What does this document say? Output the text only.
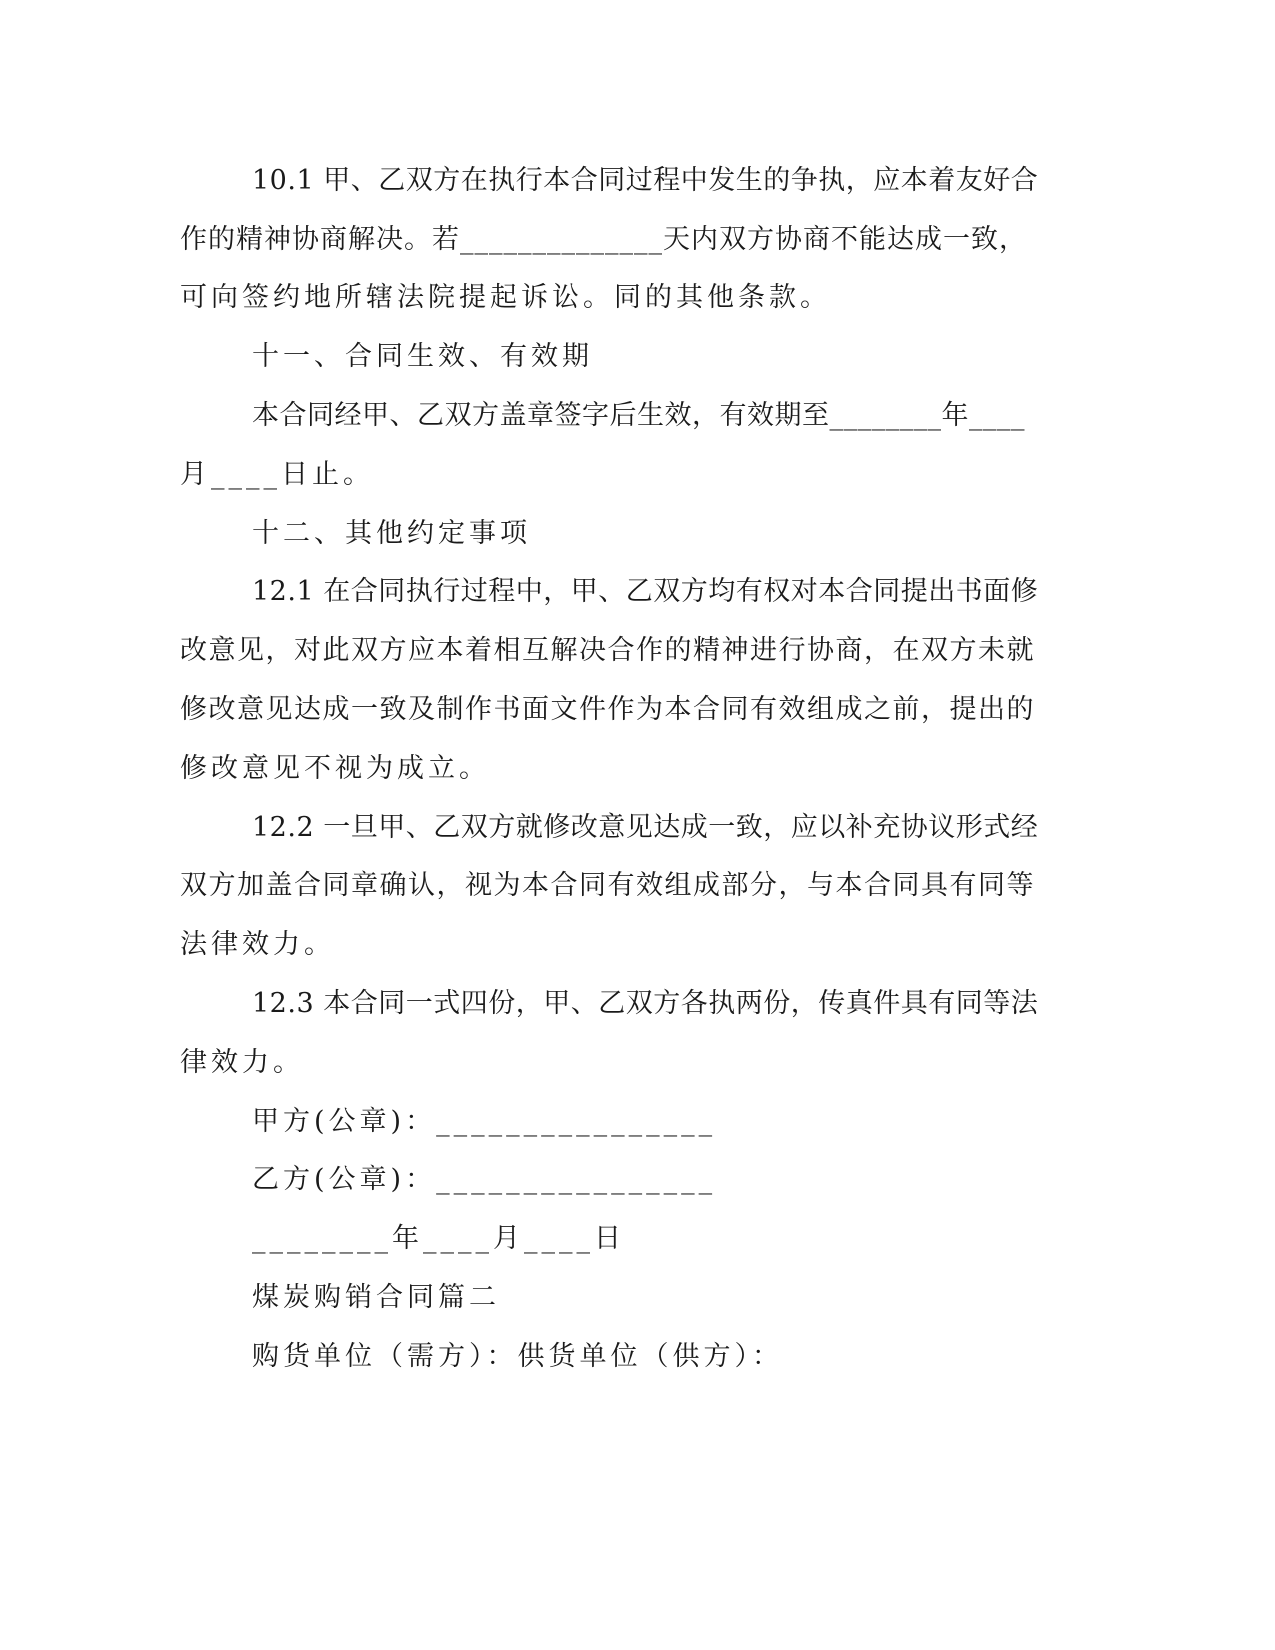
10.1 甲、乙双方在执行本合同过程中发生的争执，应本着友好合
作的精神协商解决。若______________天内双方协商不能达成一致，
可向签约地所辖法院提起诉讼。同的其他条款。
十一、合同生效、有效期
本合同经甲、乙双方盖章签字后生效，有效期至________年____
月____日止。
十二、其他约定事项
12.1 在合同执行过程中，甲、乙双方均有权对本合同提出书面修
改意见，对此双方应本着相互解决合作的精神进行协商，在双方未就
修改意见达成一致及制作书面文件作为本合同有效组成之前，提出的
修改意见不视为成立。
12.2 一旦甲、乙双方就修改意见达成一致，应以补充协议形式经
双方加盖合同章确认，视为本合同有效组成部分，与本合同具有同等
法律效力。
12.3 本合同一式四份，甲、乙双方各执两份，传真件具有同等法
律效力。
甲方(公章)：________________
乙方(公章)：________________
________年____月____日
煤炭购销合同篇二
购货单位（需方）：供货单位（供方）：
